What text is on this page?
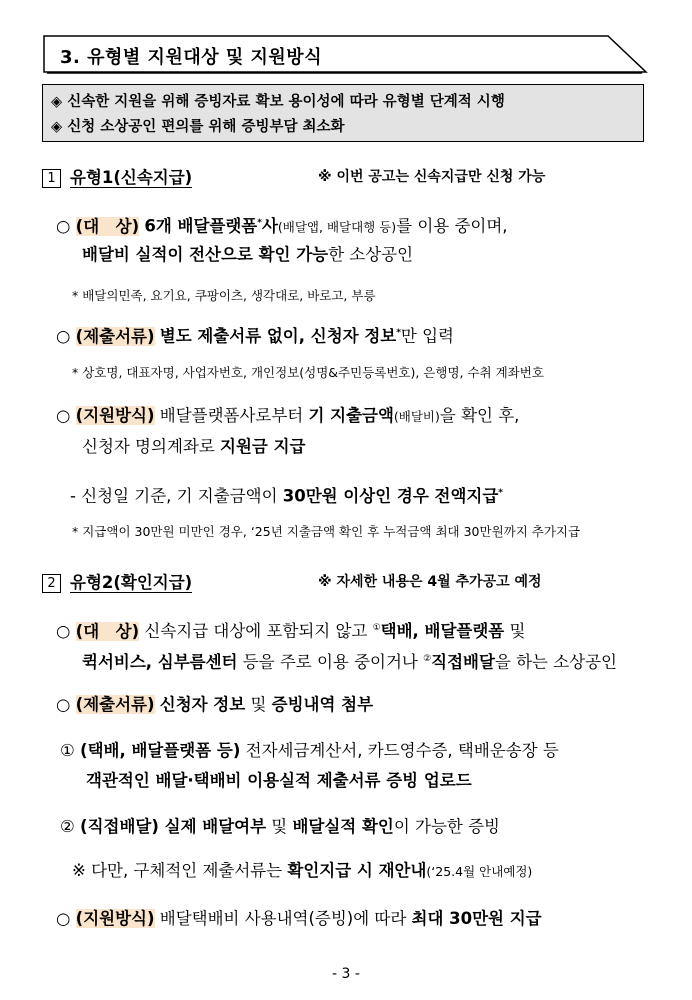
3. 유형별 지원대상 및 지원방식
◈ 신속한 지원을 위해 증빙자료 확보 용이성에 따라 유형별 단계적 시행
◈ 신청 소상공인 편의를 위해 증빙부담 최소화
1 유형1(신속지급)	※ 이번 공고는 신속지급만 신청 가능
○ (대　상) 6개 배달플랫폼*사(배달앱, 배달대행 등)를 이용 중이며,
배달비 실적이 전산으로 확인 가능한 소상공인
* 배달의민족, 요기요, 쿠팡이츠, 생각대로, 바로고, 부릉
○ (제출서류) 별도 제출서류 없이, 신청자 정보*만 입력
* 상호명, 대표자명, 사업자번호, 개인정보(성명&주민등록번호), 은행명, 수취 계좌번호
○ (지원방식) 배달플랫폼사로부터 기 지출금액(배달비)을 확인 후,
신청자 명의계좌로 지원금 지급
- 신청일 기준, 기 지출금액이 30만원 이상인 경우 전액지급*
* 지급액이 30만원 미만인 경우, ‘25년 지출금액 확인 후 누적금액 최대 30만원까지 추가지급
2 유형2(확인지급)	※ 자세한 내용은 4월 추가공고 예정
○ (대　상) 신속지급 대상에 포함되지 않고 ①택배, 배달플랫폼 및
퀵서비스, 심부름센터 등을 주로 이용 중이거나 ②직접배달을 하는 소상공인
○ (제출서류) 신청자 정보 및 증빙내역 첨부
① (택배, 배달플랫폼 등) 전자세금계산서, 카드영수증, 택배운송장 등
객관적인 배달·택배비 이용실적 제출서류 증빙 업로드
② (직접배달) 실제 배달여부 및 배달실적 확인이 가능한 증빙
※ 다만, 구체적인 제출서류는 확인지급 시 재안내(‘25.4월 안내예정)
○ (지원방식) 배달택배비 사용내역(증빙)에 따라 최대 30만원 지급
- 3 -
